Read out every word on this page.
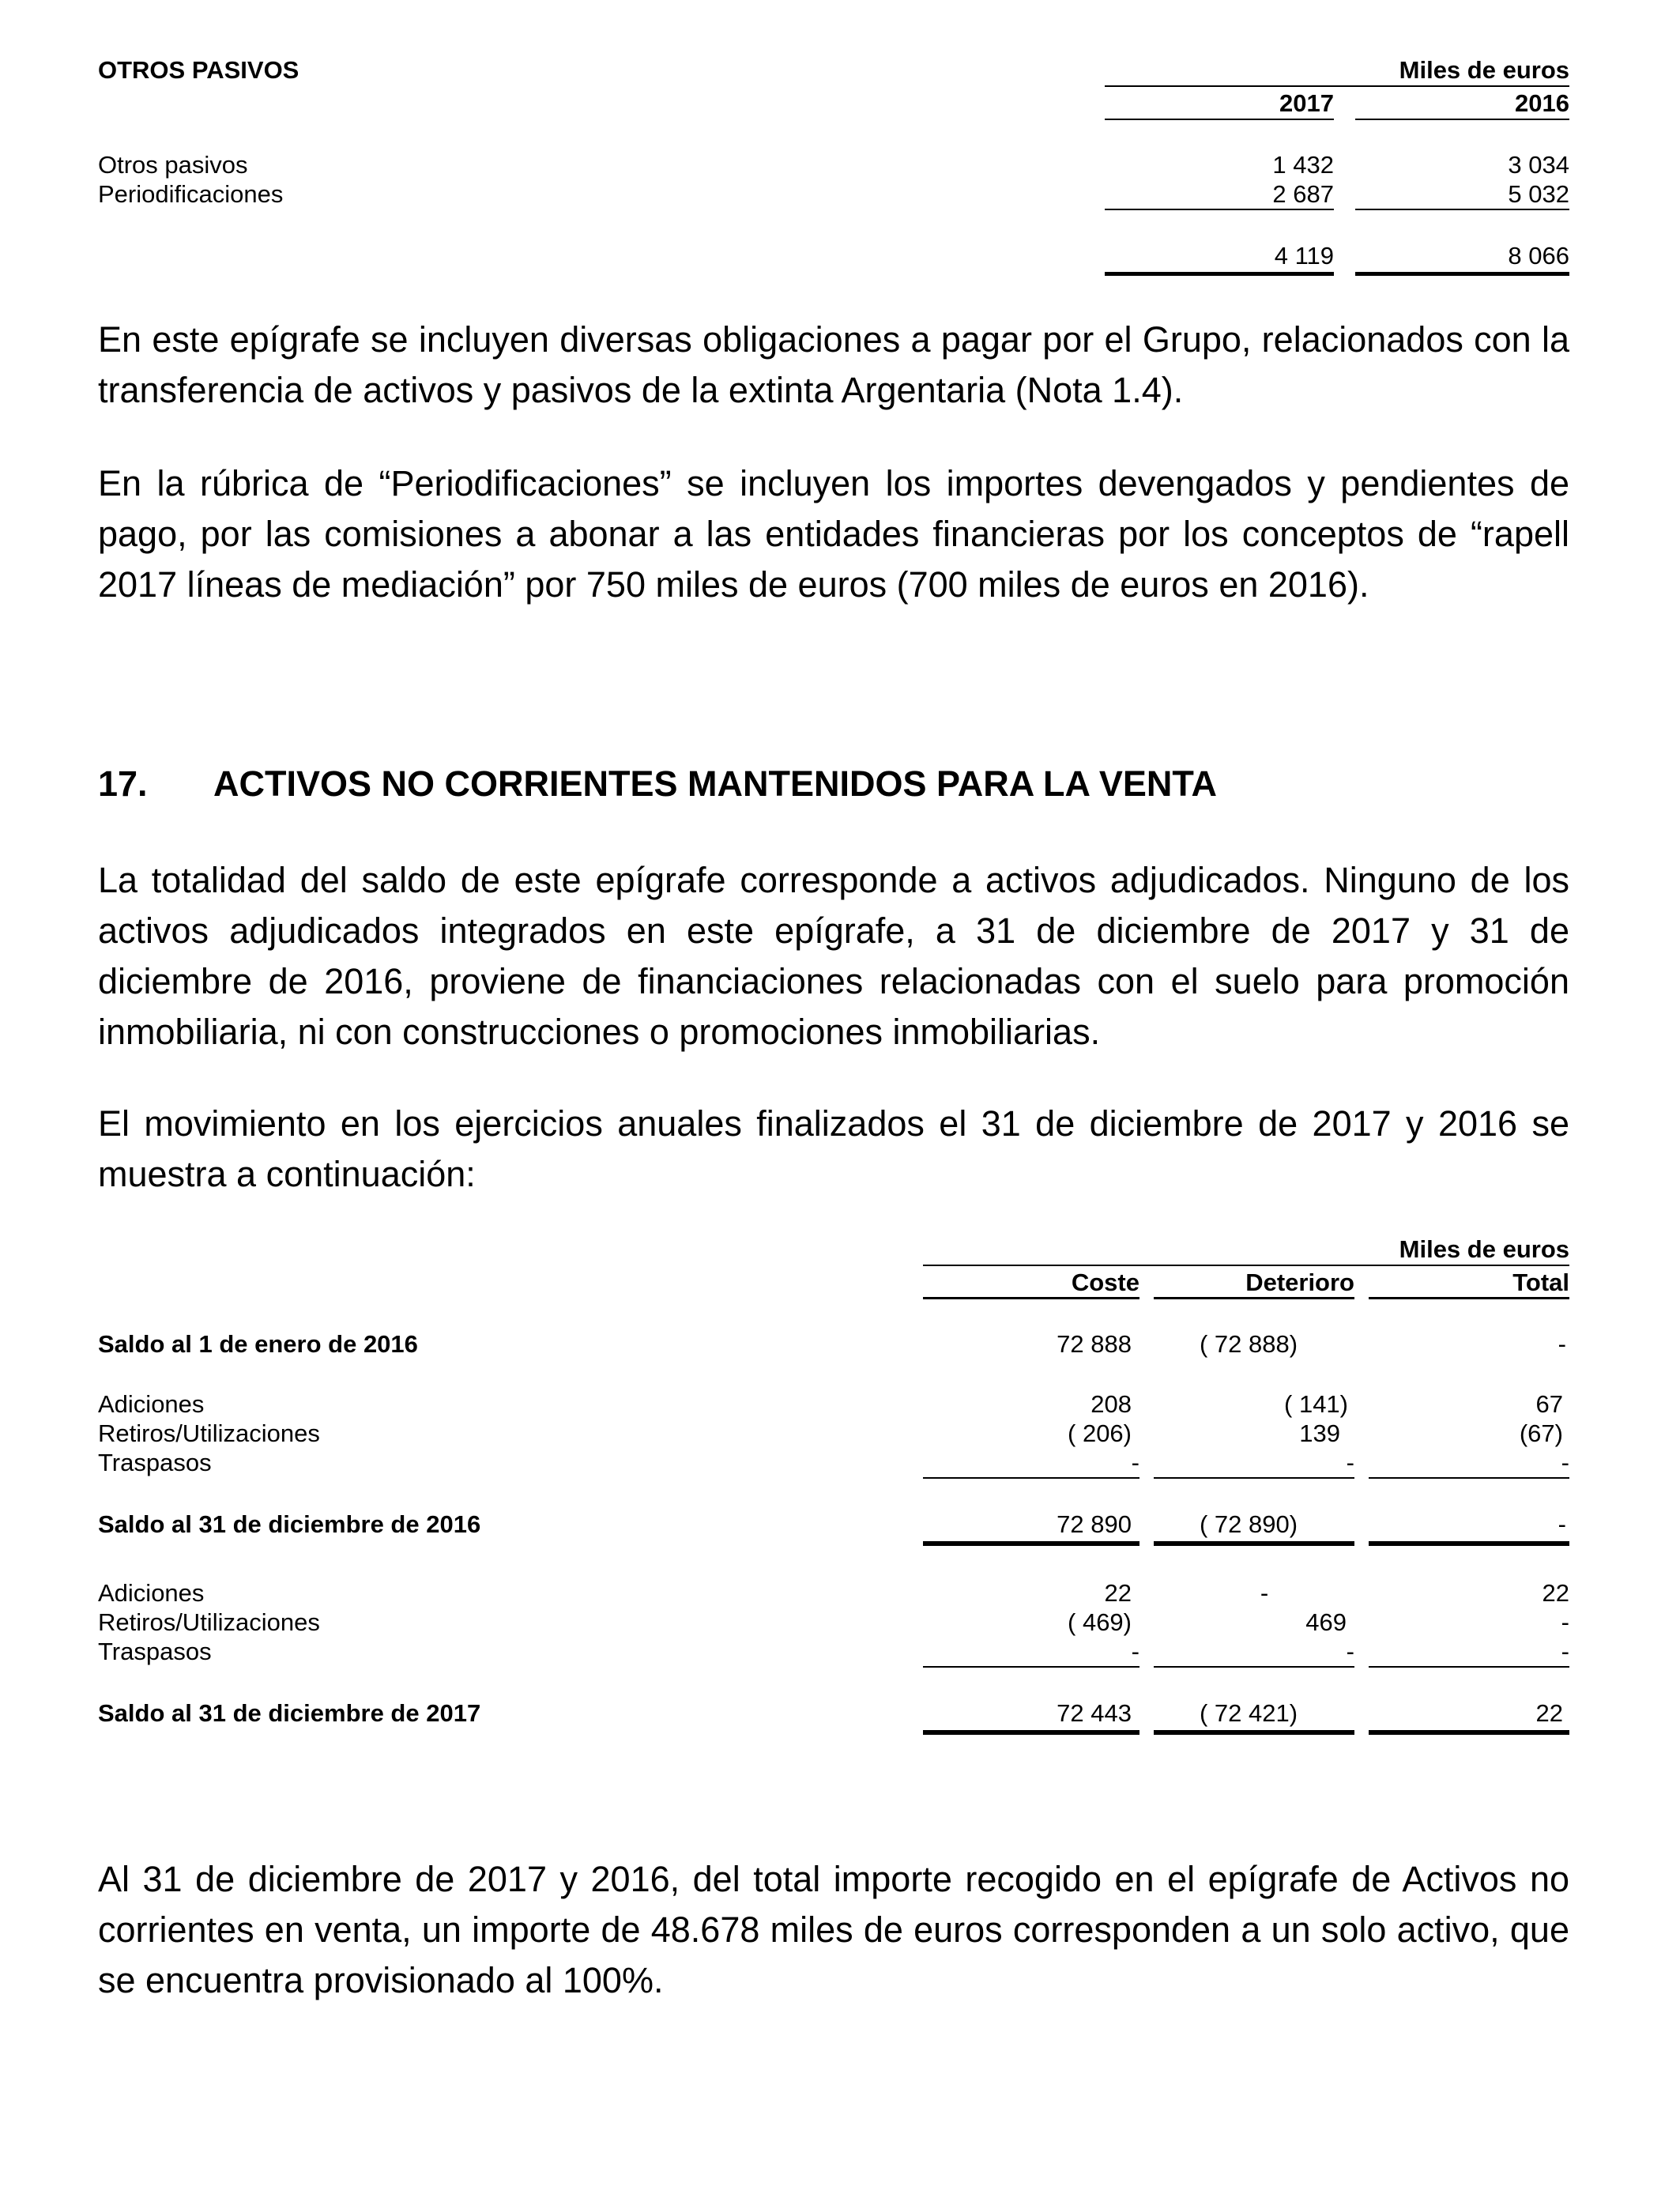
OTROS PASIVOS	Miles de euros
2017	2016
Otros pasivos	1 432	3 034
Periodificaciones	2 687	5 032
4 119	8 066

En este epígrafe se incluyen diversas obligaciones a pagar por el Grupo, relacionados con la transferencia de activos y pasivos de la extinta Argentaria (Nota 1.4).

En la rúbrica de “Periodificaciones” se incluyen los importes devengados y pendientes de pago, por las comisiones a abonar a las entidades financieras por los conceptos de “rapell 2017 líneas de mediación” por 750 miles de euros (700 miles de euros en 2016).

17. ACTIVOS NO CORRIENTES MANTENIDOS PARA LA VENTA

La totalidad del saldo de este epígrafe corresponde a activos adjudicados. Ninguno de los activos adjudicados integrados en este epígrafe, a 31 de diciembre de 2017 y 31 de diciembre de 2016, proviene de financiaciones relacionadas con el suelo para promoción inmobiliaria, ni con construcciones o promociones inmobiliarias.

El movimiento en los ejercicios anuales finalizados el 31 de diciembre de 2017 y 2016 se muestra a continuación:

Miles de euros
Coste	Deterioro	Total
Saldo al 1 de enero de 2016	72 888	( 72 888)	-
Adiciones	208	( 141)	67
Retiros/Utilizaciones	( 206)	139	(67)
Traspasos	-	-	-
Saldo al 31 de diciembre de 2016	72 890	( 72 890)	-
Adiciones	22	-	22
Retiros/Utilizaciones	( 469)	469	-
Traspasos	-	-	-
Saldo al 31 de diciembre de 2017	72 443	( 72 421)	22

Al 31 de diciembre de 2017 y 2016, del total importe recogido en el epígrafe de Activos no corrientes en venta, un importe de 48.678 miles de euros corresponden a un solo activo, que se encuentra provisionado al 100%.
